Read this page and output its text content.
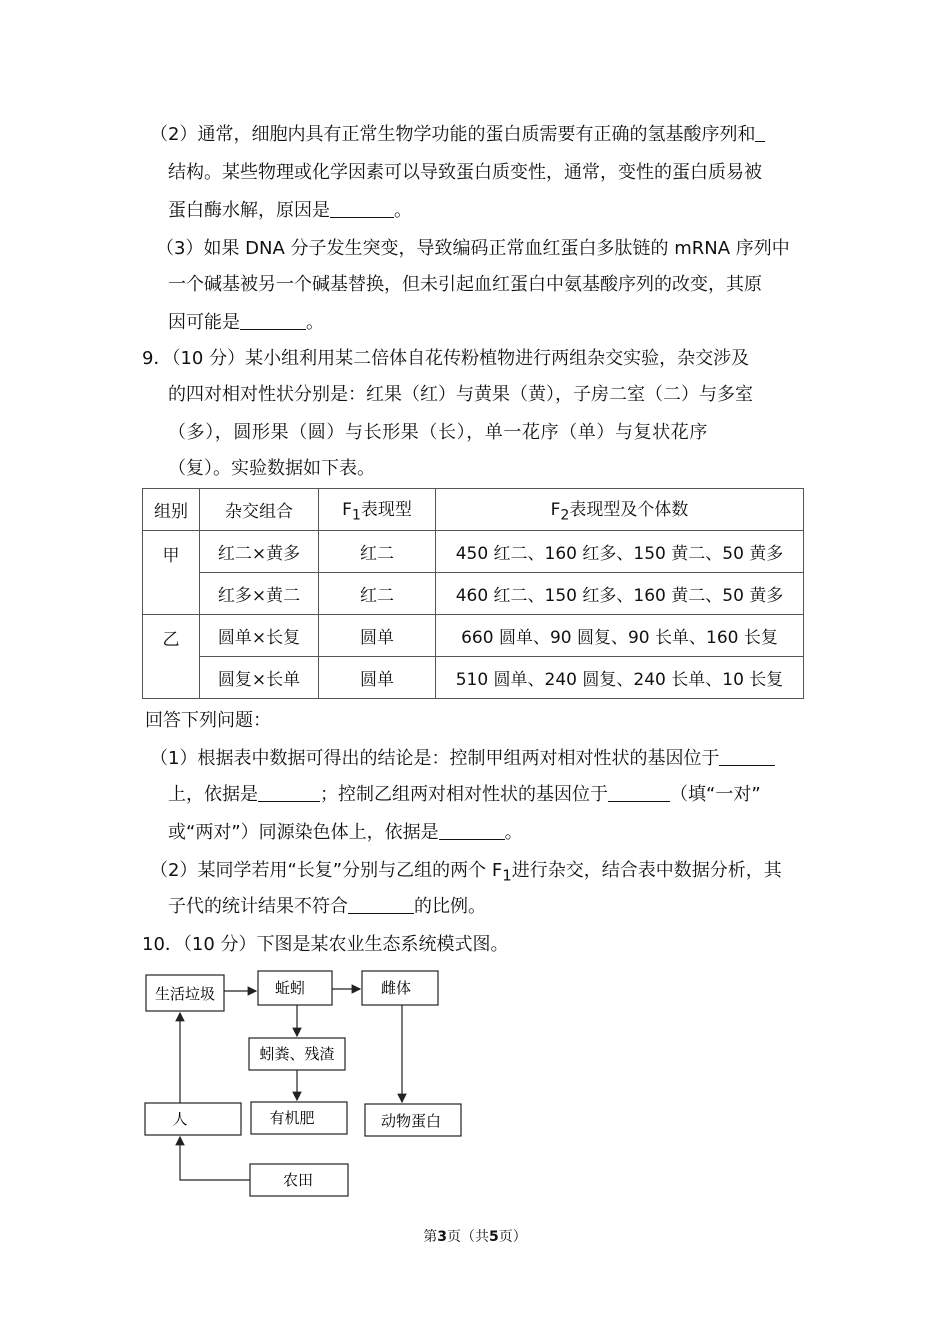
（2）通常，细胞内具有正常生物学功能的蛋白质需要有正确的氢基酸序列和

结构。某些物理或化学因素可以导致蛋白质变性，通常，变性的蛋白质易被

蛋白酶水解，原因是	。

（3）如果 DNA 分子发生突变，导致编码正常血红蛋白多肽链的 mRNA 序列中

一个碱基被另一个碱基替换，但未引起血红蛋白中氨基酸序列的改变，其原

因可能是	。

9．（10 分）某小组利用某二倍体自花传粉植物进行两组杂交实验，杂交涉及

的四对相对性状分别是：红果（红）与黄果（黄），子房二室（二）与多室

（多），圆形果（圆）与长形果（长），单一花序（单）与复状花序

（复）。实验数据如下表。

组别	杂交组合	$F_1$表现型	$F_2$表现型及个体数
甲	红二×黄多	红二	450 红二、160 红多、150 黄二、50 黄多
	红多×黄二	红二	460 红二、150 红多、160 黄二、50 黄多
乙	圆单×长复	圆单	660 圆单、90 圆复、90 长单、160 长复
	圆复×长单	圆单	510 圆单、240 圆复、240 长单、10 长复

回答下列问题：

（1）根据表中数据可得出的结论是：控制甲组两对相对性状的基因位于

上，依据是	；控制乙组两对相对性状的基因位于	（填“一对”

或“两对”）同源染色体上，依据是	。

（2）某同学若用“长复”分别与乙组的两个 $F_1$进行杂交，结合表中数据分析，其

子代的统计结果不符合	的比例。

10．（10 分）下图是某农业生态系统模式图。

生活垃圾	蚯蚓	雌体
蚓粪、残渣
人	有机肥	动物蛋白
农田
第3页（共5页）
